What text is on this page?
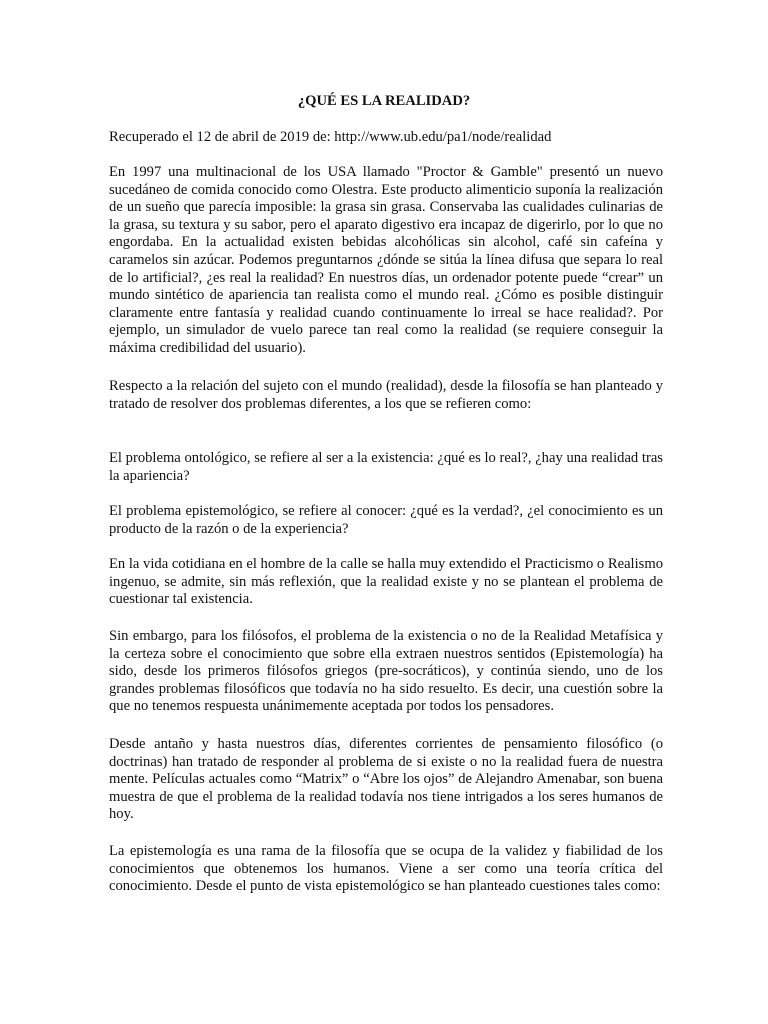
¿QUÉ ES LA REALIDAD?

Recuperado el 12 de abril de 2019 de: http://www.ub.edu/pa1/node/realidad

En 1997 una multinacional de los USA llamado "Proctor & Gamble" presentó un nuevo sucedáneo de comida conocido como Olestra. Este producto alimenticio suponía la realización de un sueño que parecía imposible: la grasa sin grasa. Conservaba las cualidades culinarias de la grasa, su textura y su sabor, pero el aparato digestivo era incapaz de digerirlo, por lo que no engordaba. En la actualidad existen bebidas alcohólicas sin alcohol, café sin cafeína y caramelos sin azúcar. Podemos preguntarnos ¿dónde se sitúa la línea difusa que separa lo real de lo artificial?, ¿es real la realidad? En nuestros días, un ordenador potente puede “crear” un mundo sintético de apariencia tan realista como el mundo real. ¿Cómo es posible distinguir claramente entre fantasía y realidad cuando continuamente lo irreal se hace realidad?. Por ejemplo, un simulador de vuelo parece tan real como la realidad (se requiere conseguir la máxima credibilidad del usuario).

Respecto a la relación del sujeto con el mundo (realidad), desde la filosofía se han planteado y tratado de resolver dos problemas diferentes, a los que se refieren como:

El problema ontológico, se refiere al ser a la existencia: ¿qué es lo real?, ¿hay una realidad tras la apariencia?

El problema epistemológico, se refiere al conocer: ¿qué es la verdad?, ¿el conocimiento es un producto de la razón o de la experiencia?

En la vida cotidiana en el hombre de la calle se halla muy extendido el Practicismo o Realismo ingenuo, se admite, sin más reflexión, que la realidad existe y no se plantean el problema de cuestionar tal existencia.

Sin embargo, para los filósofos, el problema de la existencia o no de la Realidad Metafísica y la certeza sobre el conocimiento que sobre ella extraen nuestros sentidos (Epistemología) ha sido, desde los primeros filósofos griegos (pre-socráticos), y continúa siendo, uno de los grandes problemas filosóficos que todavía no ha sido resuelto. Es decir, una cuestión sobre la que no tenemos respuesta unánimemente aceptada por todos los pensadores.

Desde antaño y hasta nuestros días, diferentes corrientes de pensamiento filosófico (o doctrinas) han tratado de responder al problema de si existe o no la realidad fuera de nuestra mente. Películas actuales como “Matrix” o “Abre los ojos” de Alejandro Amenabar, son buena muestra de que el problema de la realidad todavía nos tiene intrigados a los seres humanos de hoy.

La epistemología es una rama de la filosofía que se ocupa de la validez y fiabilidad de los conocimientos que obtenemos los humanos. Viene a ser como una teoría crítica del conocimiento. Desde el punto de vista epistemológico se han planteado cuestiones tales como:
